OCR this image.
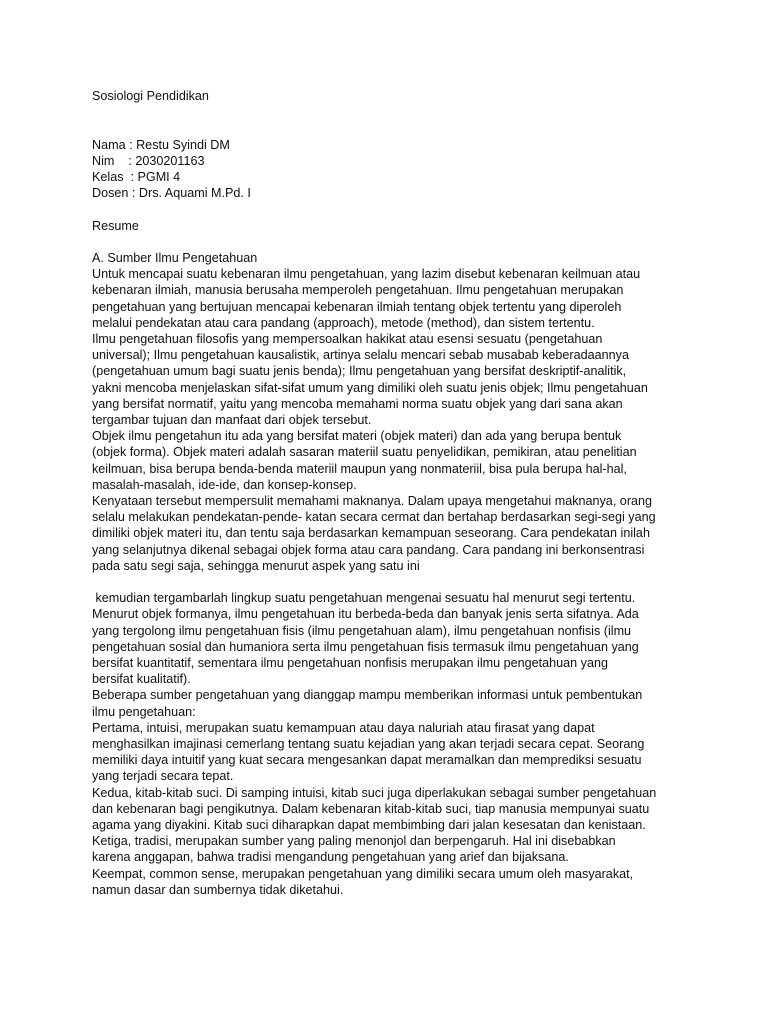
Sosiologi Pendidikan
Nama : Restu Syindi DM
Nim    : 2030201163
Kelas  : PGMI 4
Dosen : Drs. Aquami M.Pd. I
Resume
A. Sumber Ilmu Pengetahuan
Untuk mencapai suatu kebenaran ilmu pengetahuan, yang lazim disebut kebenaran keilmuan atau
kebenaran ilmiah, manusia berusaha memperoleh pengetahuan. Ilmu pengetahuan merupakan
pengetahuan yang bertujuan mencapai kebenaran ilmiah tentang objek tertentu yang diperoleh
melalui pendekatan atau cara pandang (approach), metode (method), dan sistem tertentu.
Ilmu pengetahuan filosofis yang mempersoalkan hakikat atau esensi sesuatu (pengetahuan
universal); Ilmu pengetahuan kausalistik, artinya selalu mencari sebab musabab keberadaannya
(pengetahuan umum bagi suatu jenis benda); Ilmu pengetahuan yang bersifat deskriptif-analitik,
yakni mencoba menjelaskan sifat-sifat umum yang dimiliki oleh suatu jenis objek; Ilmu pengetahuan
yang bersifat normatif, yaitu yang mencoba memahami norma suatu objek yang dari sana akan
tergambar tujuan dan manfaat dari objek tersebut.
Objek ilmu pengetahun itu ada yang bersifat materi (objek materi) dan ada yang berupa bentuk
(objek forma). Objek materi adalah sasaran materiil suatu penyelidikan, pemikiran, atau penelitian
keilmuan, bisa berupa benda-benda materiil maupun yang nonmateriil, bisa pula berupa hal-hal,
masalah-masalah, ide-ide, dan konsep-konsep.
Kenyataan tersebut mempersulit memahami maknanya. Dalam upaya mengetahui maknanya, orang
selalu melakukan pendekatan-pende- katan secara cermat dan bertahap berdasarkan segi-segi yang
dimiliki objek materi itu, dan tentu saja berdasarkan kemampuan seseorang. Cara pendekatan inilah
yang selanjutnya dikenal sebagai objek forma atau cara pandang. Cara pandang ini berkonsentrasi
pada satu segi saja, sehingga menurut aspek yang satu ini
kemudian tergambarlah lingkup suatu pengetahuan mengenai sesuatu hal menurut segi tertentu.
Menurut objek formanya, ilmu pengetahuan itu berbeda-beda dan banyak jenis serta sifatnya. Ada
yang tergolong ilmu pengetahuan fisis (ilmu pengetahuan alam), ilmu pengetahuan nonfisis (ilmu
pengetahuan sosial dan humaniora serta ilmu pengetahuan fisis termasuk ilmu pengetahuan yang
bersifat kuantitatif, sementara ilmu pengetahuan nonfisis merupakan ilmu pengetahuan yang
bersifat kualitatif).
Beberapa sumber pengetahuan yang dianggap mampu memberikan informasi untuk pembentukan
ilmu pengetahuan:
Pertama, intuisi, merupakan suatu kemampuan atau daya naluriah atau firasat yang dapat
menghasilkan imajinasi cemerlang tentang suatu kejadian yang akan terjadi secara cepat. Seorang
memiliki daya intuitif yang kuat secara mengesankan dapat meramalkan dan memprediksi sesuatu
yang terjadi secara tepat.
Kedua, kitab-kitab suci. Di samping intuisi, kitab suci juga diperlakukan sebagai sumber pengetahuan
dan kebenaran bagi pengikutnya. Dalam kebenaran kitab-kitab suci, tiap manusia mempunyai suatu
agama yang diyakini. Kitab suci diharapkan dapat membimbing dari jalan kesesatan dan kenistaan.
Ketiga, tradisi, merupakan sumber yang paling menonjol dan berpengaruh. Hal ini disebabkan
karena anggapan, bahwa tradisi mengandung pengetahuan yang arief dan bijaksana.
Keempat, common sense, merupakan pengetahuan yang dimiliki secara umum oleh masyarakat,
namun dasar dan sumbernya tidak diketahui.
